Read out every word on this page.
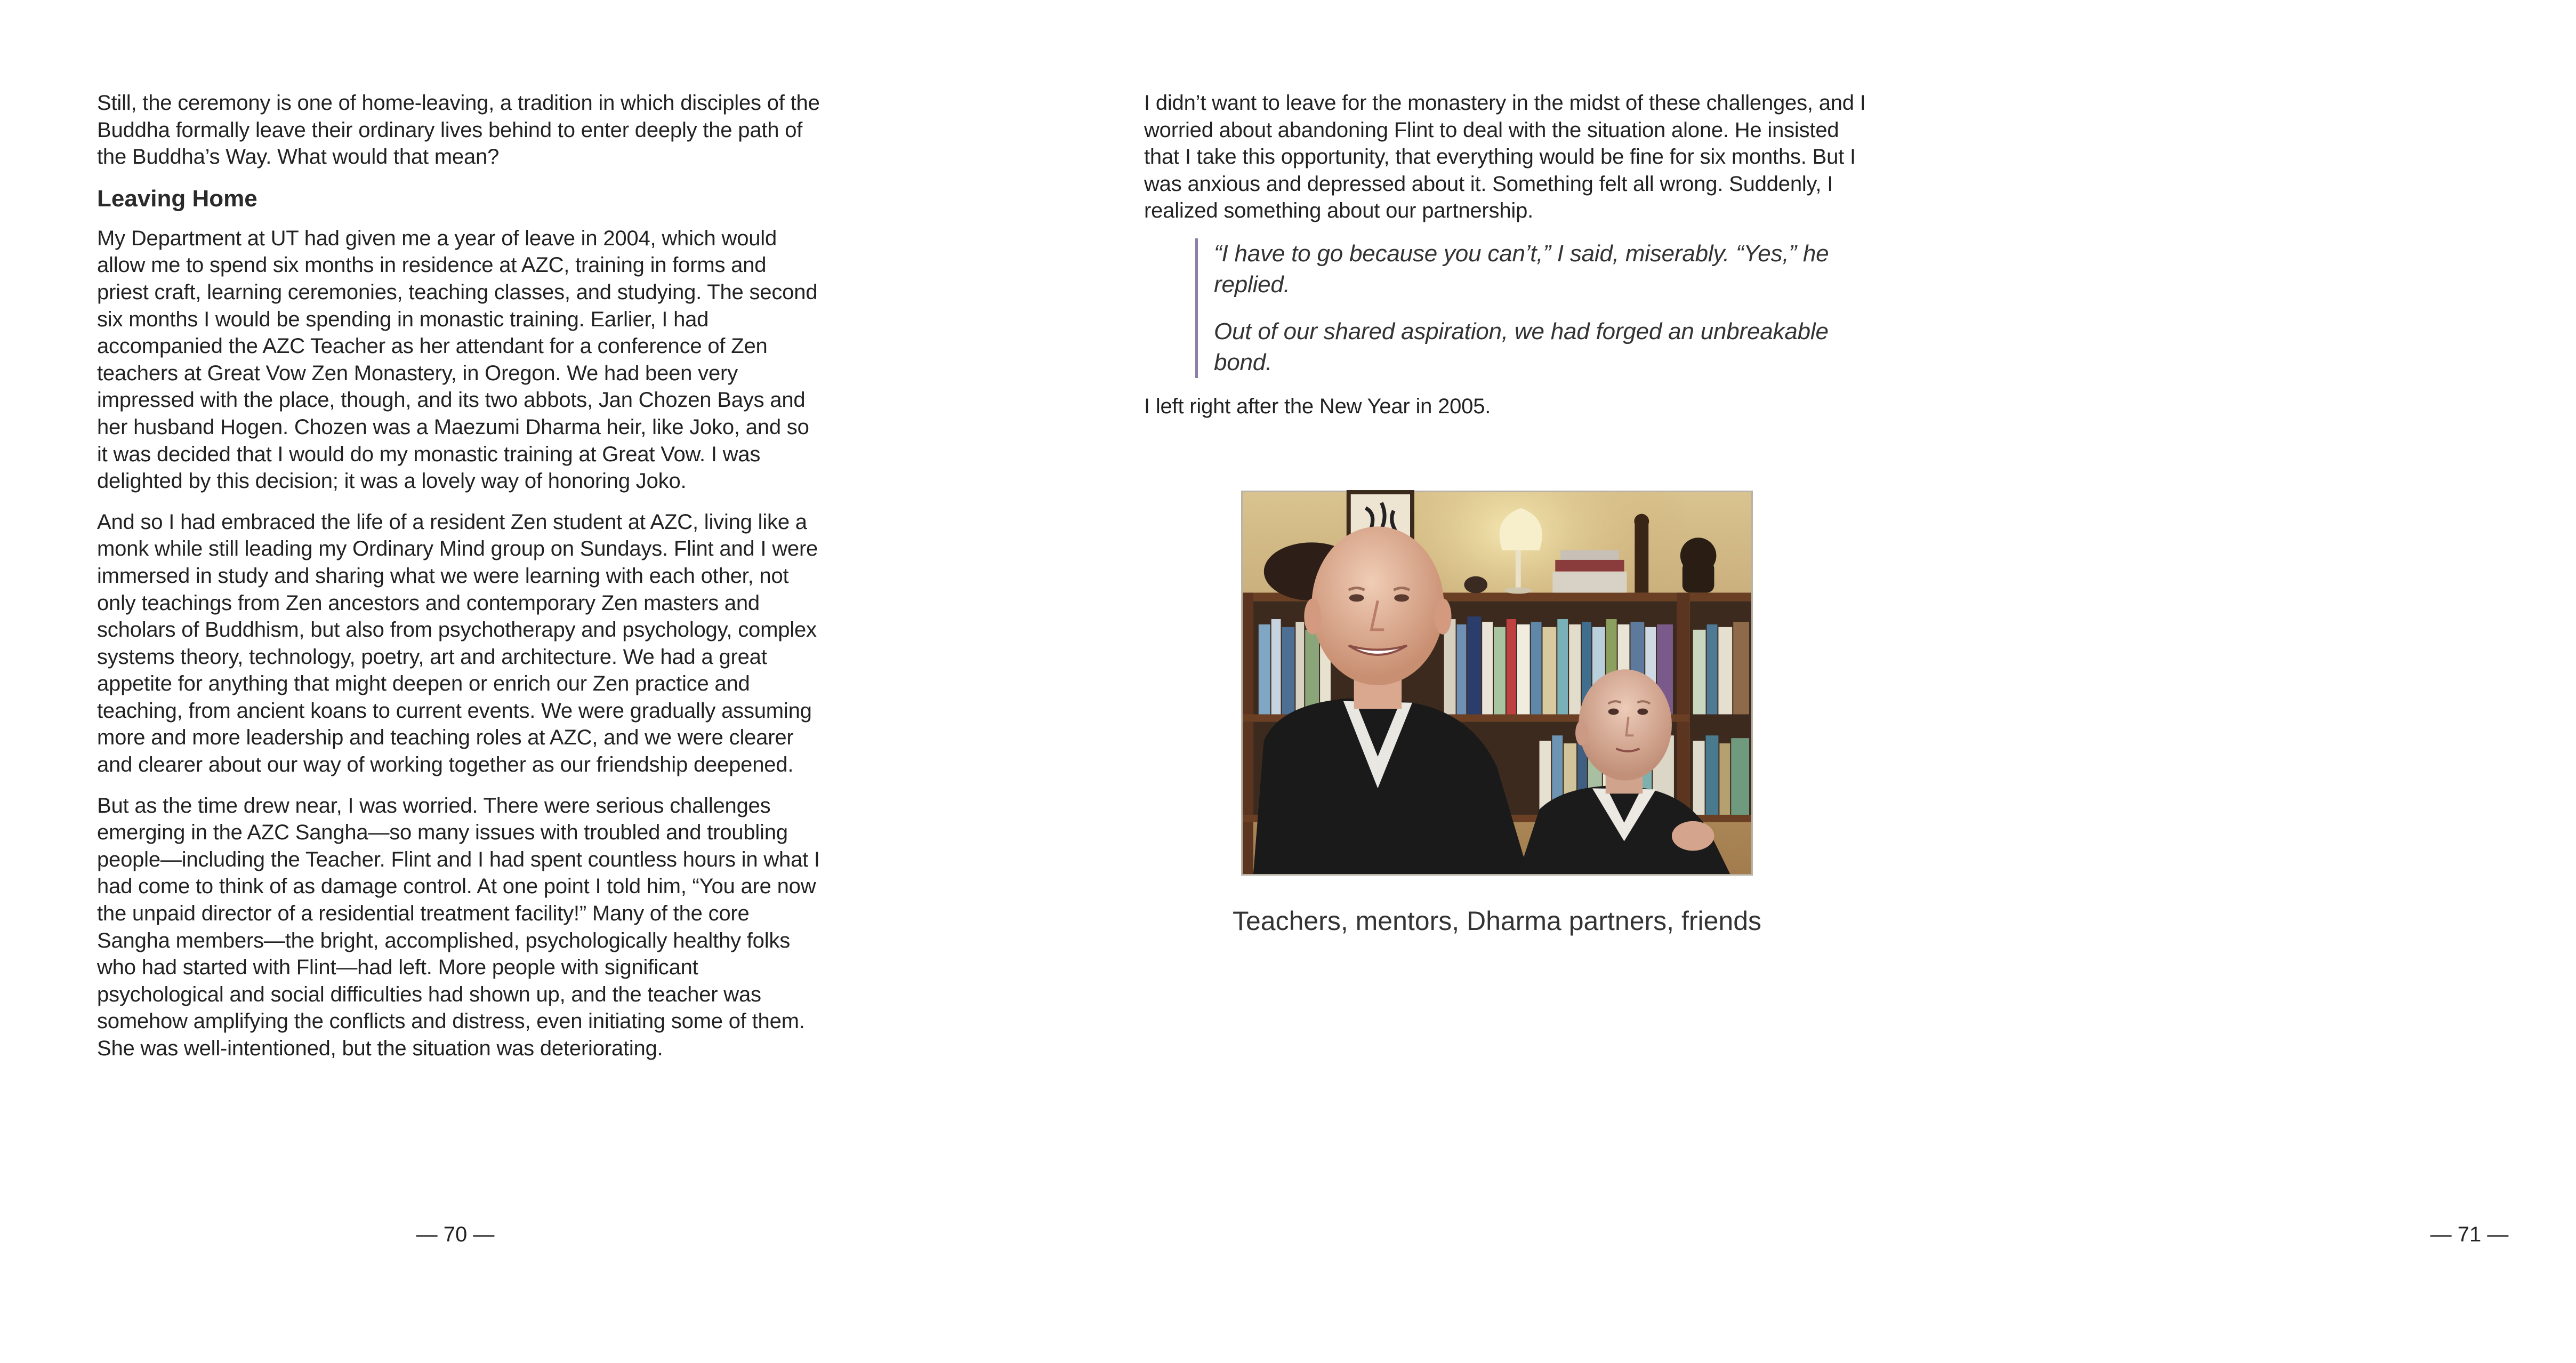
Still, the ceremony is one of home-leaving, a tradition in which disciples of the Buddha formally leave their ordinary lives behind to enter deeply the path of the Buddha’s Way. What would that mean?

Leaving Home

My Department at UT had given me a year of leave in 2004, which would allow me to spend six months in residence at AZC, training in forms and priest craft, learning ceremonies, teaching classes, and studying. The second six months I would be spending in monastic training. Earlier, I had accompanied the AZC Teacher as her attendant for a conference of Zen teachers at Great Vow Zen Monastery, in Oregon. We had been very impressed with the place, though, and its two abbots, Jan Chozen Bays and her husband Hogen. Chozen was a Maezumi Dharma heir, like Joko, and so it was decided that I would do my monastic training at Great Vow. I was delighted by this decision; it was a lovely way of honoring Joko.

And so I had embraced the life of a resident Zen student at AZC, living like a monk while still leading my Ordinary Mind group on Sundays. Flint and I were immersed in study and sharing what we were learning with each other, not only teachings from Zen ancestors and contemporary Zen masters and scholars of Buddhism, but also from psychotherapy and psychology, complex systems theory, technology, poetry, art and architecture. We had a great appetite for anything that might deepen or enrich our Zen practice and teaching, from ancient koans to current events. We were gradually assuming more and more leadership and teaching roles at AZC, and we were clearer and clearer about our way of working together as our friendship deepened.

But as the time drew near, I was worried. There were serious challenges emerging in the AZC Sangha—so many issues with troubled and troubling people—including the Teacher. Flint and I had spent countless hours in what I had come to think of as damage control. At one point I told him, “You are now the unpaid director of a residential treatment facility!” Many of the core Sangha members—the bright, accomplished, psychologically healthy folks who had started with Flint—had left. More people with significant psychological and social difficulties had shown up, and the teacher was somehow amplifying the conflicts and distress, even initiating some of them. She was well-intentioned, but the situation was deteriorating.

— 70 —

I didn’t want to leave for the monastery in the midst of these challenges, and I worried about abandoning Flint to deal with the situation alone. He insisted that I take this opportunity, that everything would be fine for six months. But I was anxious and depressed about it. Something felt all wrong. Suddenly, I realized something about our partnership.

“I have to go because you can’t,” I said, miserably. “Yes,” he replied.

Out of our shared aspiration, we had forged an unbreakable bond.

I left right after the New Year in 2005.

— 71 —
Teachers, mentors, Dharma partners, friends
